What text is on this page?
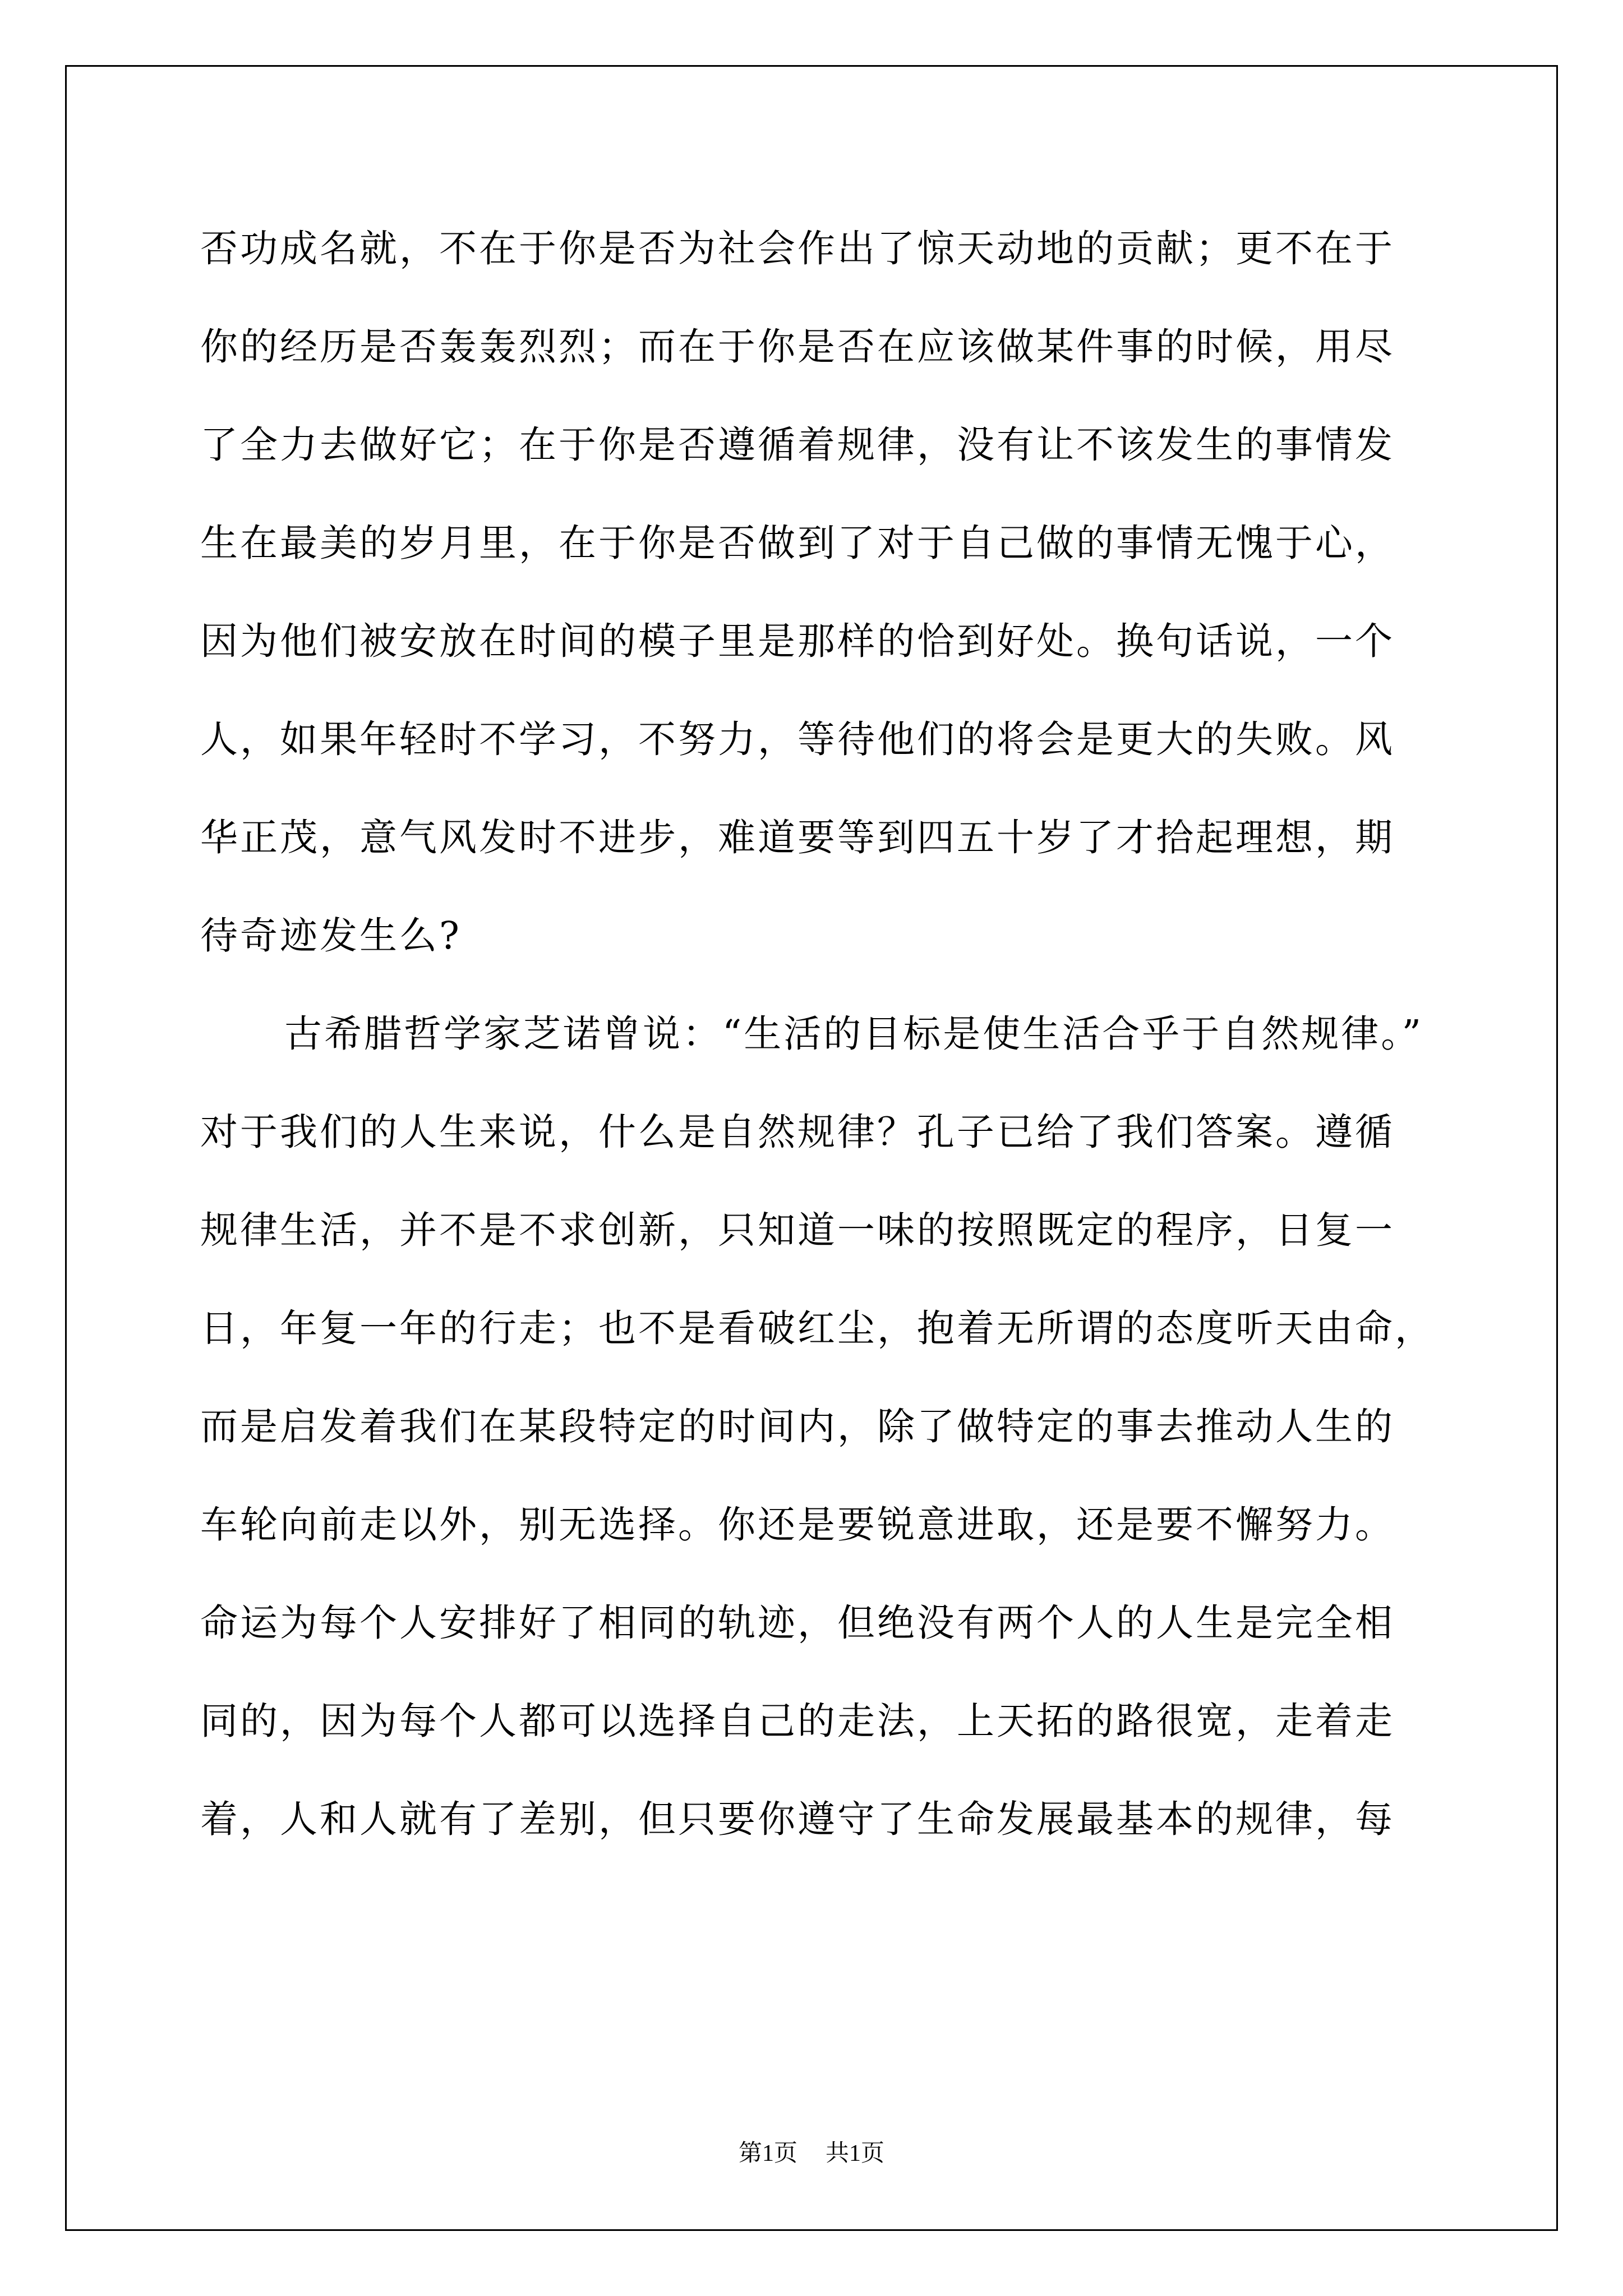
否功成名就，不在于你是否为社会作出了惊天动地的贡献；更不在于
你的经历是否轰轰烈烈；而在于你是否在应该做某件事的时候，用尽
了全力去做好它；在于你是否遵循着规律，没有让不该发生的事情发
生在最美的岁月里，在于你是否做到了对于自己做的事情无愧于心，
因为他们被安放在时间的模子里是那样的恰到好处。换句话说，一个
人，如果年轻时不学习，不努力，等待他们的将会是更大的失败。风
华正茂，意气风发时不进步，难道要等到四五十岁了才拾起理想，期
待奇迹发生么?
古希腊哲学家芝诺曾说：“生活的目标是使生活合乎于自然规律。”
对于我们的人生来说，什么是自然规律？孔子已给了我们答案。遵循
规律生活，并不是不求创新，只知道一味的按照既定的程序，日复一
日，年复一年的行走；也不是看破红尘，抱着无所谓的态度听天由命，
而是启发着我们在某段特定的时间内，除了做特定的事去推动人生的
车轮向前走以外，别无选择。你还是要锐意进取，还是要不懈努力。
命运为每个人安排好了相同的轨迹，但绝没有两个人的人生是完全相
同的，因为每个人都可以选择自己的走法，上天拓的路很宽，走着走
着，人和人就有了差别，但只要你遵守了生命发展最基本的规律，每
第1页 共1页
